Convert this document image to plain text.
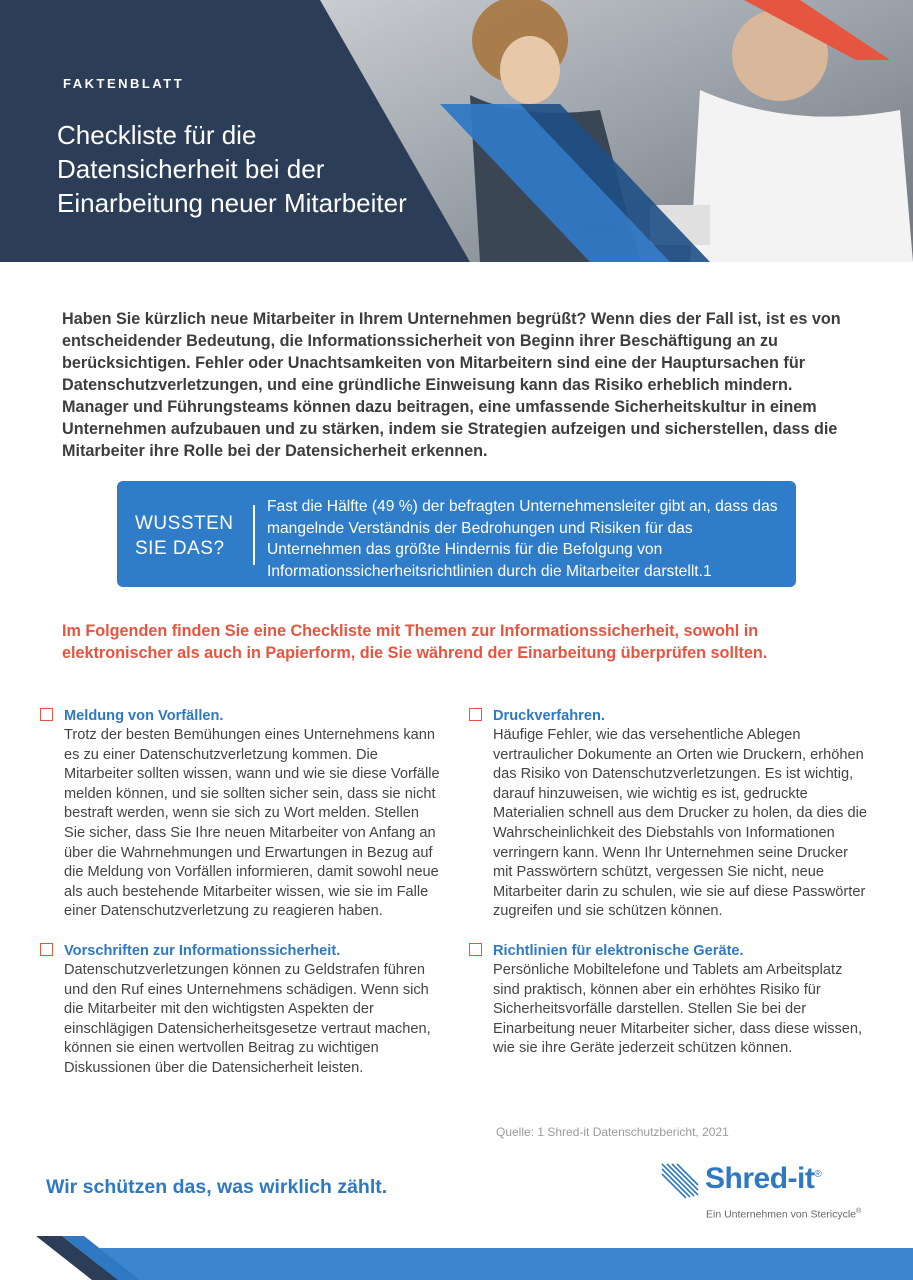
FAKTENBLATT
Checkliste für die
Datensicherheit bei der
Einarbeitung neuer Mitarbeiter

Haben Sie kürzlich neue Mitarbeiter in Ihrem Unternehmen begrüßt? Wenn dies der Fall ist, ist es von entscheidender Bedeutung, die Informationssicherheit von Beginn ihrer Beschäftigung an zu berücksichtigen. Fehler oder Unachtsamkeiten von Mitarbeitern sind eine der Hauptursachen für Datenschutzverletzungen, und eine gründliche Einweisung kann das Risiko erheblich mindern. Manager und Führungsteams können dazu beitragen, eine umfassende Sicherheitskultur in einem Unternehmen aufzubauen und zu stärken, indem sie Strategien aufzeigen und sicherstellen, dass die Mitarbeiter ihre Rolle bei der Datensicherheit erkennen.

WUSSTEN
SIE DAS?
Fast die Hälfte (49 %) der befragten Unternehmensleiter gibt an, dass das mangelnde Verständnis der Bedrohungen und Risiken für das Unternehmen das größte Hindernis für die Befolgung von Informationssicherheitsrichtlinien durch die Mitarbeiter darstellt.1

Im Folgenden finden Sie eine Checkliste mit Themen zur Informationssicherheit, sowohl in elektronischer als auch in Papierform, die Sie während der Einarbeitung überprüfen sollten.

Meldung von Vorfällen.
Trotz der besten Bemühungen eines Unternehmens kann es zu einer Datenschutzverletzung kommen. Die Mitarbeiter sollten wissen, wann und wie sie diese Vorfälle melden können, und sie sollten sicher sein, dass sie nicht bestraft werden, wenn sie sich zu Wort melden. Stellen Sie sicher, dass Sie Ihre neuen Mitarbeiter von Anfang an über die Wahrnehmungen und Erwartungen in Bezug auf die Meldung von Vorfällen informieren, damit sowohl neue als auch bestehende Mitarbeiter wissen, wie sie im Falle einer Datenschutzverletzung zu reagieren haben.
Vorschriften zur Informationssicherheit.
Datenschutzverletzungen können zu Geldstrafen führen und den Ruf eines Unternehmens schädigen. Wenn sich die Mitarbeiter mit den wichtigsten Aspekten der einschlägigen Datensicherheitsgesetze vertraut machen, können sie einen wertvollen Beitrag zu wichtigen Diskussionen über die Datensicherheit leisten.
Druckverfahren.
Häufige Fehler, wie das versehentliche Ablegen vertraulicher Dokumente an Orten wie Druckern, erhöhen das Risiko von Datenschutzverletzungen. Es ist wichtig, darauf hinzuweisen, wie wichtig es ist, gedruckte Materialien schnell aus dem Drucker zu holen, da dies die Wahrscheinlichkeit des Diebstahls von Informationen verringern kann. Wenn Ihr Unternehmen seine Drucker mit Passwörtern schützt, vergessen Sie nicht, neue Mitarbeiter darin zu schulen, wie sie auf diese Passwörter zugreifen und sie schützen können.
Richtlinien für elektronische Geräte.
Persönliche Mobiltelefone und Tablets am Arbeitsplatz sind praktisch, können aber ein erhöhtes Risiko für Sicherheitsvorfälle darstellen. Stellen Sie bei der Einarbeitung neuer Mitarbeiter sicher, dass diese wissen, wie sie ihre Geräte jederzeit schützen können.
Quelle: 1 Shred-it Datenschutzbericht, 2021
Wir schützen das, was wirklich zählt.	Shred-it®
Ein Unternehmen von Stericycle®
